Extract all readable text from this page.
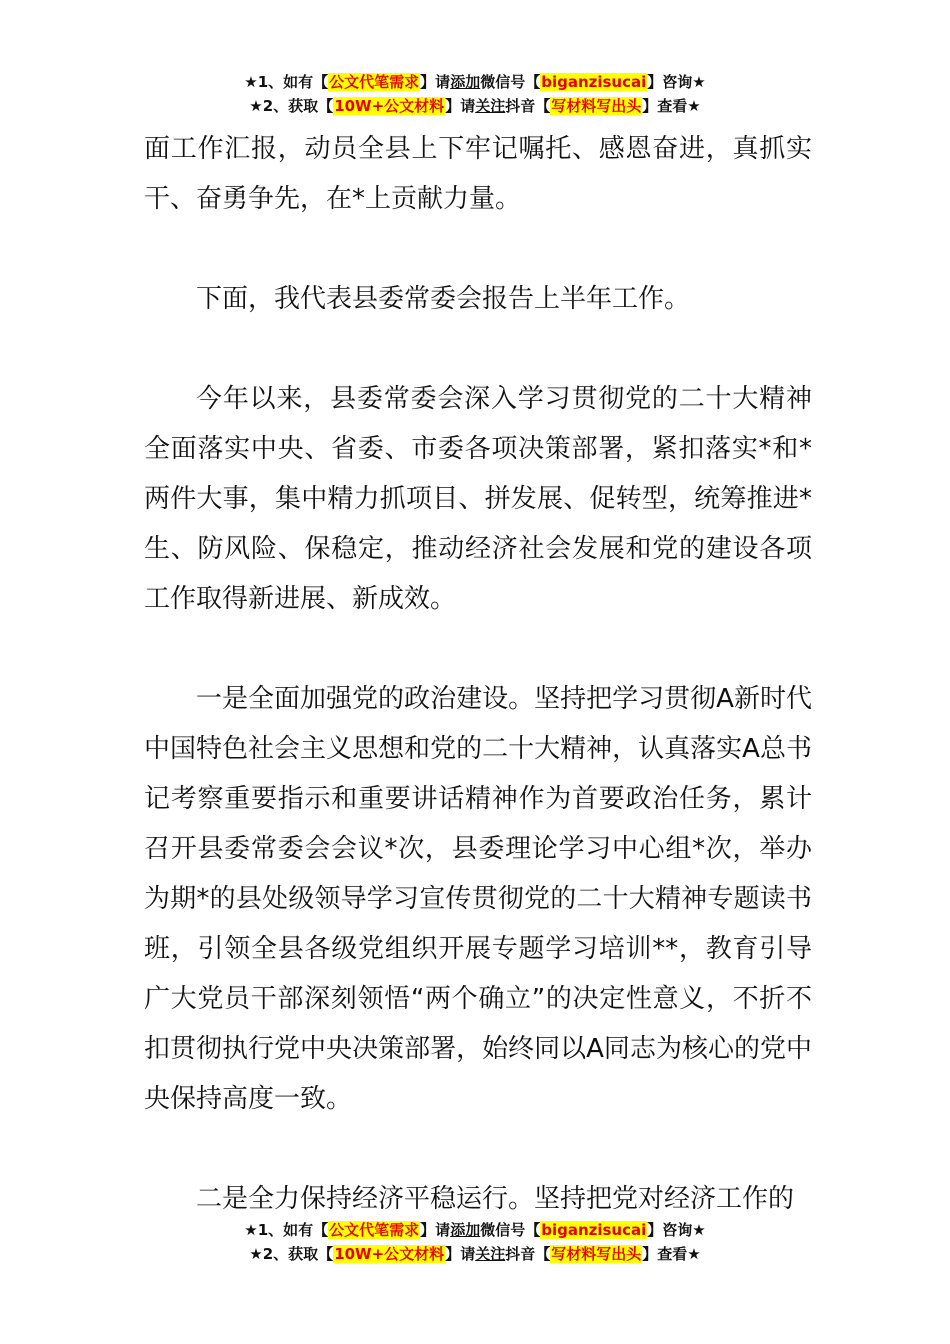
★1、如有【公文代笔需求】请添加微信号【biganzisucai】咨询★
★2、获取【10W+公文材料】请关注抖音【写材料写出头】查看★

面工作汇报，动员全县上下牢记嘱托、感恩奋进，真抓实干、奋勇争先，在*上贡献力量。

下面，我代表县委常委会报告上半年工作。

今年以来，县委常委会深入学习贯彻党的二十大精神全面落实中央、省委、市委各项决策部署，紧扣落实*和*两件大事，集中精力抓项目、拼发展、促转型，统筹推进*生、防风险、保稳定，推动经济社会发展和党的建设各项工作取得新进展、新成效。

一是全面加强党的政治建设。坚持把学习贯彻A新时代中国特色社会主义思想和党的二十大精神，认真落实A总书记考察重要指示和重要讲话精神作为首要政治任务，累计召开县委常委会会议*次，县委理论学习中心组*次，举办为期*的县处级领导学习宣传贯彻党的二十大精神专题读书班，引领全县各级党组织开展专题学习培训**，教育引导广大党员干部深刻领悟“两个确立”的决定性意义，不折不扣贯彻执行党中央决策部署，始终同以A同志为核心的党中央保持高度一致。

二是全力保持经济平稳运行。坚持把党对经济工作的

★1、如有【公文代笔需求】请添加微信号【biganzisucai】咨询★
★2、获取【10W+公文材料】请关注抖音【写材料写出头】查看★
